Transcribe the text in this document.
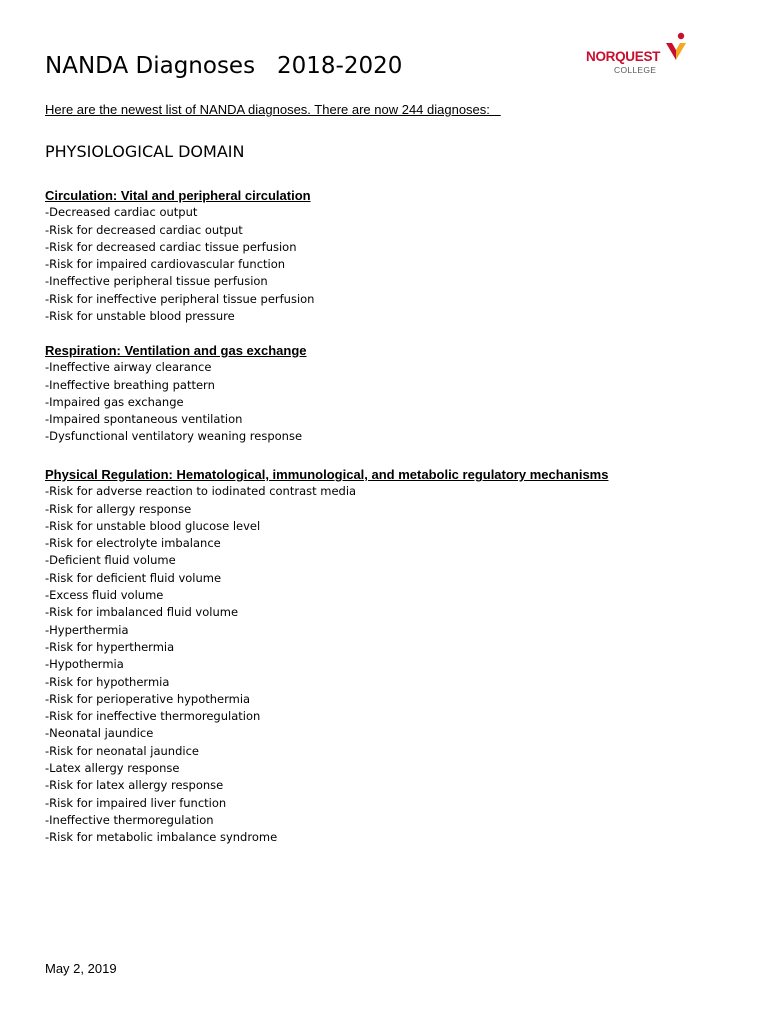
NANDA Diagnoses   2018-2020	NORQUEST
COLLEGE

Here are the newest list of NANDA diagnoses. There are now 244 diagnoses:

PHYSIOLOGICAL DOMAIN

Circulation: Vital and peripheral circulation

-Decreased cardiac output
-Risk for decreased cardiac output
-Risk for decreased cardiac tissue perfusion
-Risk for impaired cardiovascular function
-Ineffective peripheral tissue perfusion
-Risk for ineffective peripheral tissue perfusion
-Risk for unstable blood pressure

Respiration: Ventilation and gas exchange

-Ineffective airway clearance
-Ineffective breathing pattern
-Impaired gas exchange
-Impaired spontaneous ventilation
-Dysfunctional ventilatory weaning response

Physical Regulation: Hematological, immunological, and metabolic regulatory mechanisms

-Risk for adverse reaction to iodinated contrast media
-Risk for allergy response
-Risk for unstable blood glucose level
-Risk for electrolyte imbalance
-Deficient fluid volume
-Risk for deficient fluid volume
-Excess fluid volume
-Risk for imbalanced fluid volume
-Hyperthermia
-Risk for hyperthermia
-Hypothermia
-Risk for hypothermia
-Risk for perioperative hypothermia
-Risk for ineffective thermoregulation
-Neonatal jaundice
-Risk for neonatal jaundice
-Latex allergy response
-Risk for latex allergy response
-Risk for impaired liver function
-Ineffective thermoregulation
-Risk for metabolic imbalance syndrome

May 2, 2019
